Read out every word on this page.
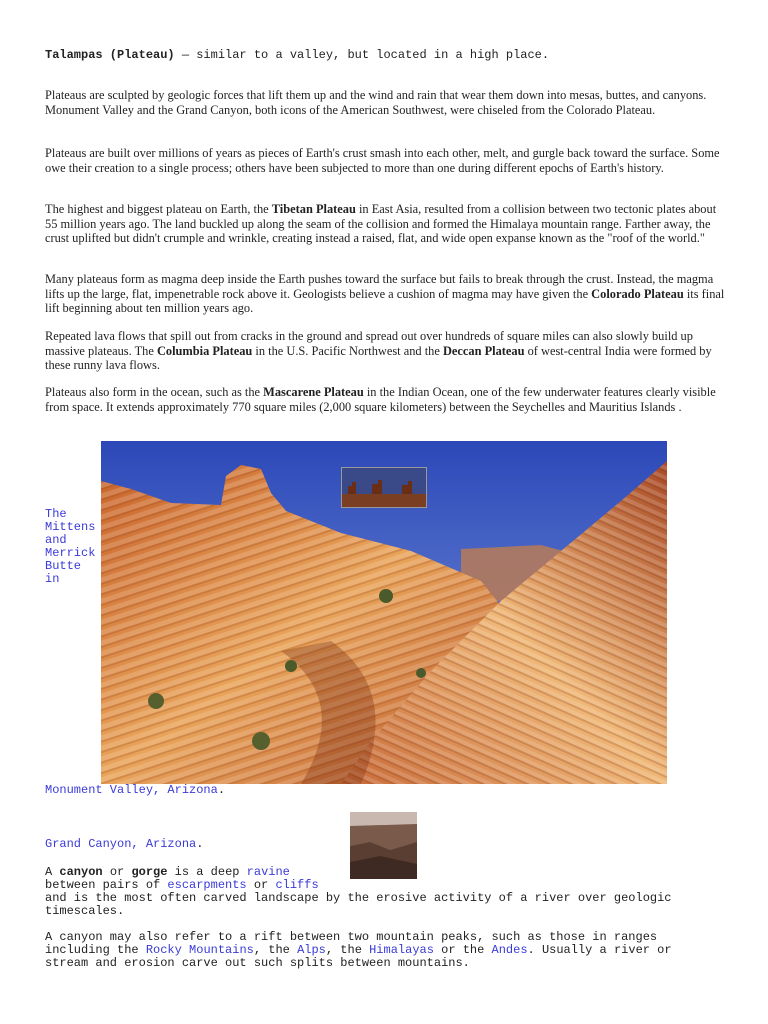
Talampas (Plateau) — similar to a valley, but located in a high place.

Plateaus are sculpted by geologic forces that lift them up and the wind and rain that wear them down into mesas, buttes, and canyons. Monument Valley and the Grand Canyon, both icons of the American Southwest, were chiseled from the Colorado Plateau.

Plateaus are built over millions of years as pieces of Earth's crust smash into each other, melt, and gurgle back toward the surface. Some owe their creation to a single process; others have been subjected to more than one during different epochs of Earth's history.

The highest and biggest plateau on Earth, the Tibetan Plateau in East Asia, resulted from a collision between two tectonic plates about 55 million years ago. The land buckled up along the seam of the collision and formed the Himalaya mountain range. Farther away, the crust uplifted but didn't crumple and wrinkle, creating instead a raised, flat, and wide open expanse known as the "roof of the world."

Many plateaus form as magma deep inside the Earth pushes toward the surface but fails to break through the crust. Instead, the magma lifts up the large, flat, impenetrable rock above it. Geologists believe a cushion of magma may have given the Colorado Plateau its final lift beginning about ten million years ago.

Repeated lava flows that spill out from cracks in the ground and spread out over hundreds of square miles can also slowly build up massive plateaus. The Columbia Plateau in the U.S. Pacific Northwest and the Deccan Plateau of west-central India were formed by these runny lava flows.

Plateaus also form in the ocean, such as the Mascarene Plateau in the Indian Ocean, one of the few underwater features clearly visible from space. It extends approximately 770 square miles (2,000 square kilometers) between the Seychelles and Mauritius Islands .

The
Mittens
and
Merrick
Butte
in

Monument Valley, Arizona.
Grand Canyon, Arizona.
A canyon or gorge is a deep ravine
between pairs of escarpments or cliffs
and is the most often carved landscape by the erosive activity of a river over geologic
timescales.
A canyon may also refer to a rift between two mountain peaks, such as those in ranges
including the Rocky Mountains, the Alps, the Himalayas or the Andes. Usually a river or
stream and erosion carve out such splits between mountains.
